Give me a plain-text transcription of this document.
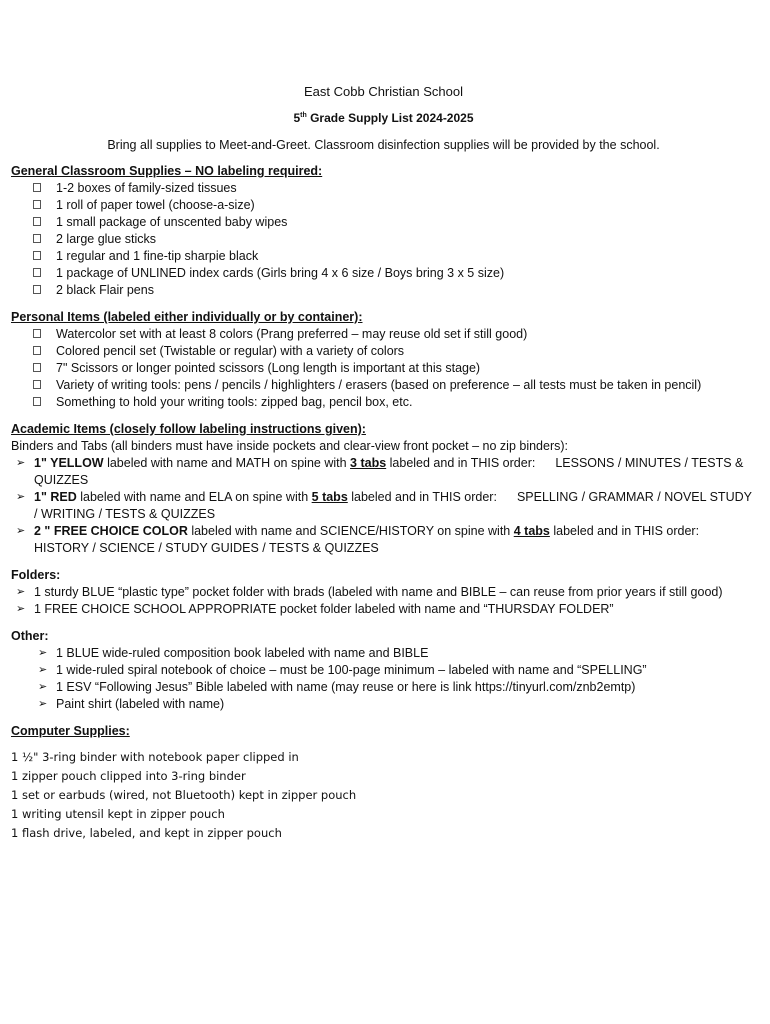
East Cobb Christian School

5th Grade Supply List 2024-2025

Bring all supplies to Meet-and-Greet. Classroom disinfection supplies will be provided by the school.

General Classroom Supplies – NO labeling required:

1-2 boxes of family-sized tissues
1 roll of paper towel (choose-a-size)
1 small package of unscented baby wipes
2 large glue sticks
1 regular and 1 fine-tip sharpie black
1 package of UNLINED index cards (Girls bring 4 x 6 size / Boys bring 3 x 5 size)
2 black Flair pens

Personal Items (labeled either individually or by container):

Watercolor set with at least 8 colors (Prang preferred – may reuse old set if still good)
Colored pencil set (Twistable or regular) with a variety of colors
7" Scissors or longer pointed scissors (Long length is important at this stage)
Variety of writing tools: pens / pencils / highlighters / erasers (based on preference – all tests must be taken in pencil)
Something to hold your writing tools: zipped bag, pencil box, etc.

Academic Items (closely follow labeling instructions given):

Binders and Tabs (all binders must have inside pockets and clear-view front pocket – no zip binders):

➢ 1" YELLOW labeled with name and MATH on spine with 3 tabs labeled and in THIS order: LESSONS / MINUTES / TESTS & QUIZZES
➢ 1" RED labeled with name and ELA on spine with 5 tabs labeled and in THIS order: SPELLING / GRAMMAR / NOVEL STUDY / WRITING / TESTS & QUIZZES
➢ 2 " FREE CHOICE COLOR labeled with name and SCIENCE/HISTORY on spine with 4 tabs labeled and in THIS order: HISTORY / SCIENCE / STUDY GUIDES / TESTS & QUIZZES

Folders:

➢ 1 sturdy BLUE “plastic type” pocket folder with brads (labeled with name and BIBLE – can reuse from prior years if still good)
➢ 1 FREE CHOICE SCHOOL APPROPRIATE pocket folder labeled with name and “THURSDAY FOLDER”

Other:

➢ 1 BLUE wide-ruled composition book labeled with name and BIBLE
➢ 1 wide-ruled spiral notebook of choice – must be 100-page minimum – labeled with name and “SPELLING”
➢ 1 ESV “Following Jesus” Bible labeled with name (may reuse or here is link https://tinyurl.com/znb2emtp)
➢ Paint shirt (labeled with name)

Computer Supplies:

1 ½" 3-ring binder with notebook paper clipped in
1 zipper pouch clipped into 3-ring binder
1 set or earbuds (wired, not Bluetooth) kept in zipper pouch
1 writing utensil kept in zipper pouch
1 flash drive, labeled, and kept in zipper pouch
